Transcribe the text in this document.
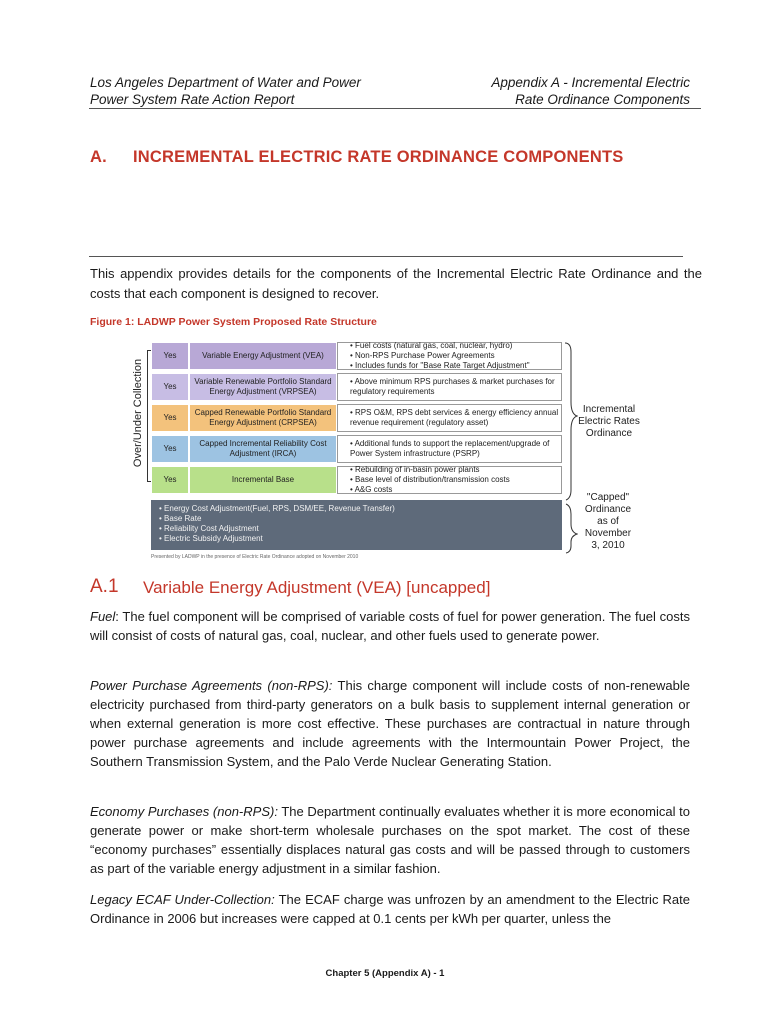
Los Angeles Department of Water and Power
Power System Rate Action Report
Appendix A - Incremental Electric
Rate Ordinance Components
A. INCREMENTAL ELECTRIC RATE ORDINANCE COMPONENTS
This appendix provides details for the components of the Incremental Electric Rate Ordinance and the costs that each component is designed to recover.
Figure 1: LADWP Power System Proposed Rate Structure
Over/Under Collection
Yes	Variable Energy Adjustment (VEA)
• Fuel costs (natural gas, coal, nuclear, hydro)
• Non-RPS Purchase Power Agreements
• Includes funds for "Base Rate Target Adjustment"
Yes
Variable Renewable Portfolio Standard Energy Adjustment (VRPSEA)
• Above minimum RPS purchases & market purchases for regulatory requirements
Yes
Capped Renewable Portfolio Standard Energy Adjustment (CRPSEA)
• RPS O&M, RPS debt services & energy efficiency annual revenue requirement (regulatory asset)
Yes
Capped Incremental Reliability Cost Adjustment (IRCA)
• Additional funds to support the replacement/upgrade of Power System infrastructure (PSRP)
Yes	Incremental Base
• Rebuilding of in-basin power plants
• Base level of distribution/transmission costs
• A&G costs
• Energy Cost Adjustment(Fuel, RPS, DSM/EE, Revenue Transfer)
• Base Rate
• Reliability Cost Adjustment
• Electric Subsidy Adjustment
Presented by LADWP in the presence of Electric Rate Ordinance adopted on November 2010
Incremental Electric Rates Ordinance
"Capped" Ordinance as of November 3, 2010
A.1 Variable Energy Adjustment (VEA) [uncapped]
Fuel: The fuel component will be comprised of variable costs of fuel for power generation. The fuel costs will consist of costs of natural gas, coal, nuclear, and other fuels used to generate power.
Power Purchase Agreements (non-RPS): This charge component will include costs of non-renewable electricity purchased from third-party generators on a bulk basis to supplement internal generation or when external generation is more cost effective. These purchases are contractual in nature through power purchase agreements and include agreements with the Intermountain Power Project, the Southern Transmission System, and the Palo Verde Nuclear Generating Station.
Economy Purchases (non-RPS): The Department continually evaluates whether it is more economical to generate power or make short-term wholesale purchases on the spot market. The cost of these “economy purchases” essentially displaces natural gas costs and will be passed through to customers as part of the variable energy adjustment in a similar fashion.
Legacy ECAF Under-Collection: The ECAF charge was unfrozen by an amendment to the Electric Rate Ordinance in 2006 but increases were capped at 0.1 cents per kWh per quarter, unless the
Chapter 5 (Appendix A) - 1
